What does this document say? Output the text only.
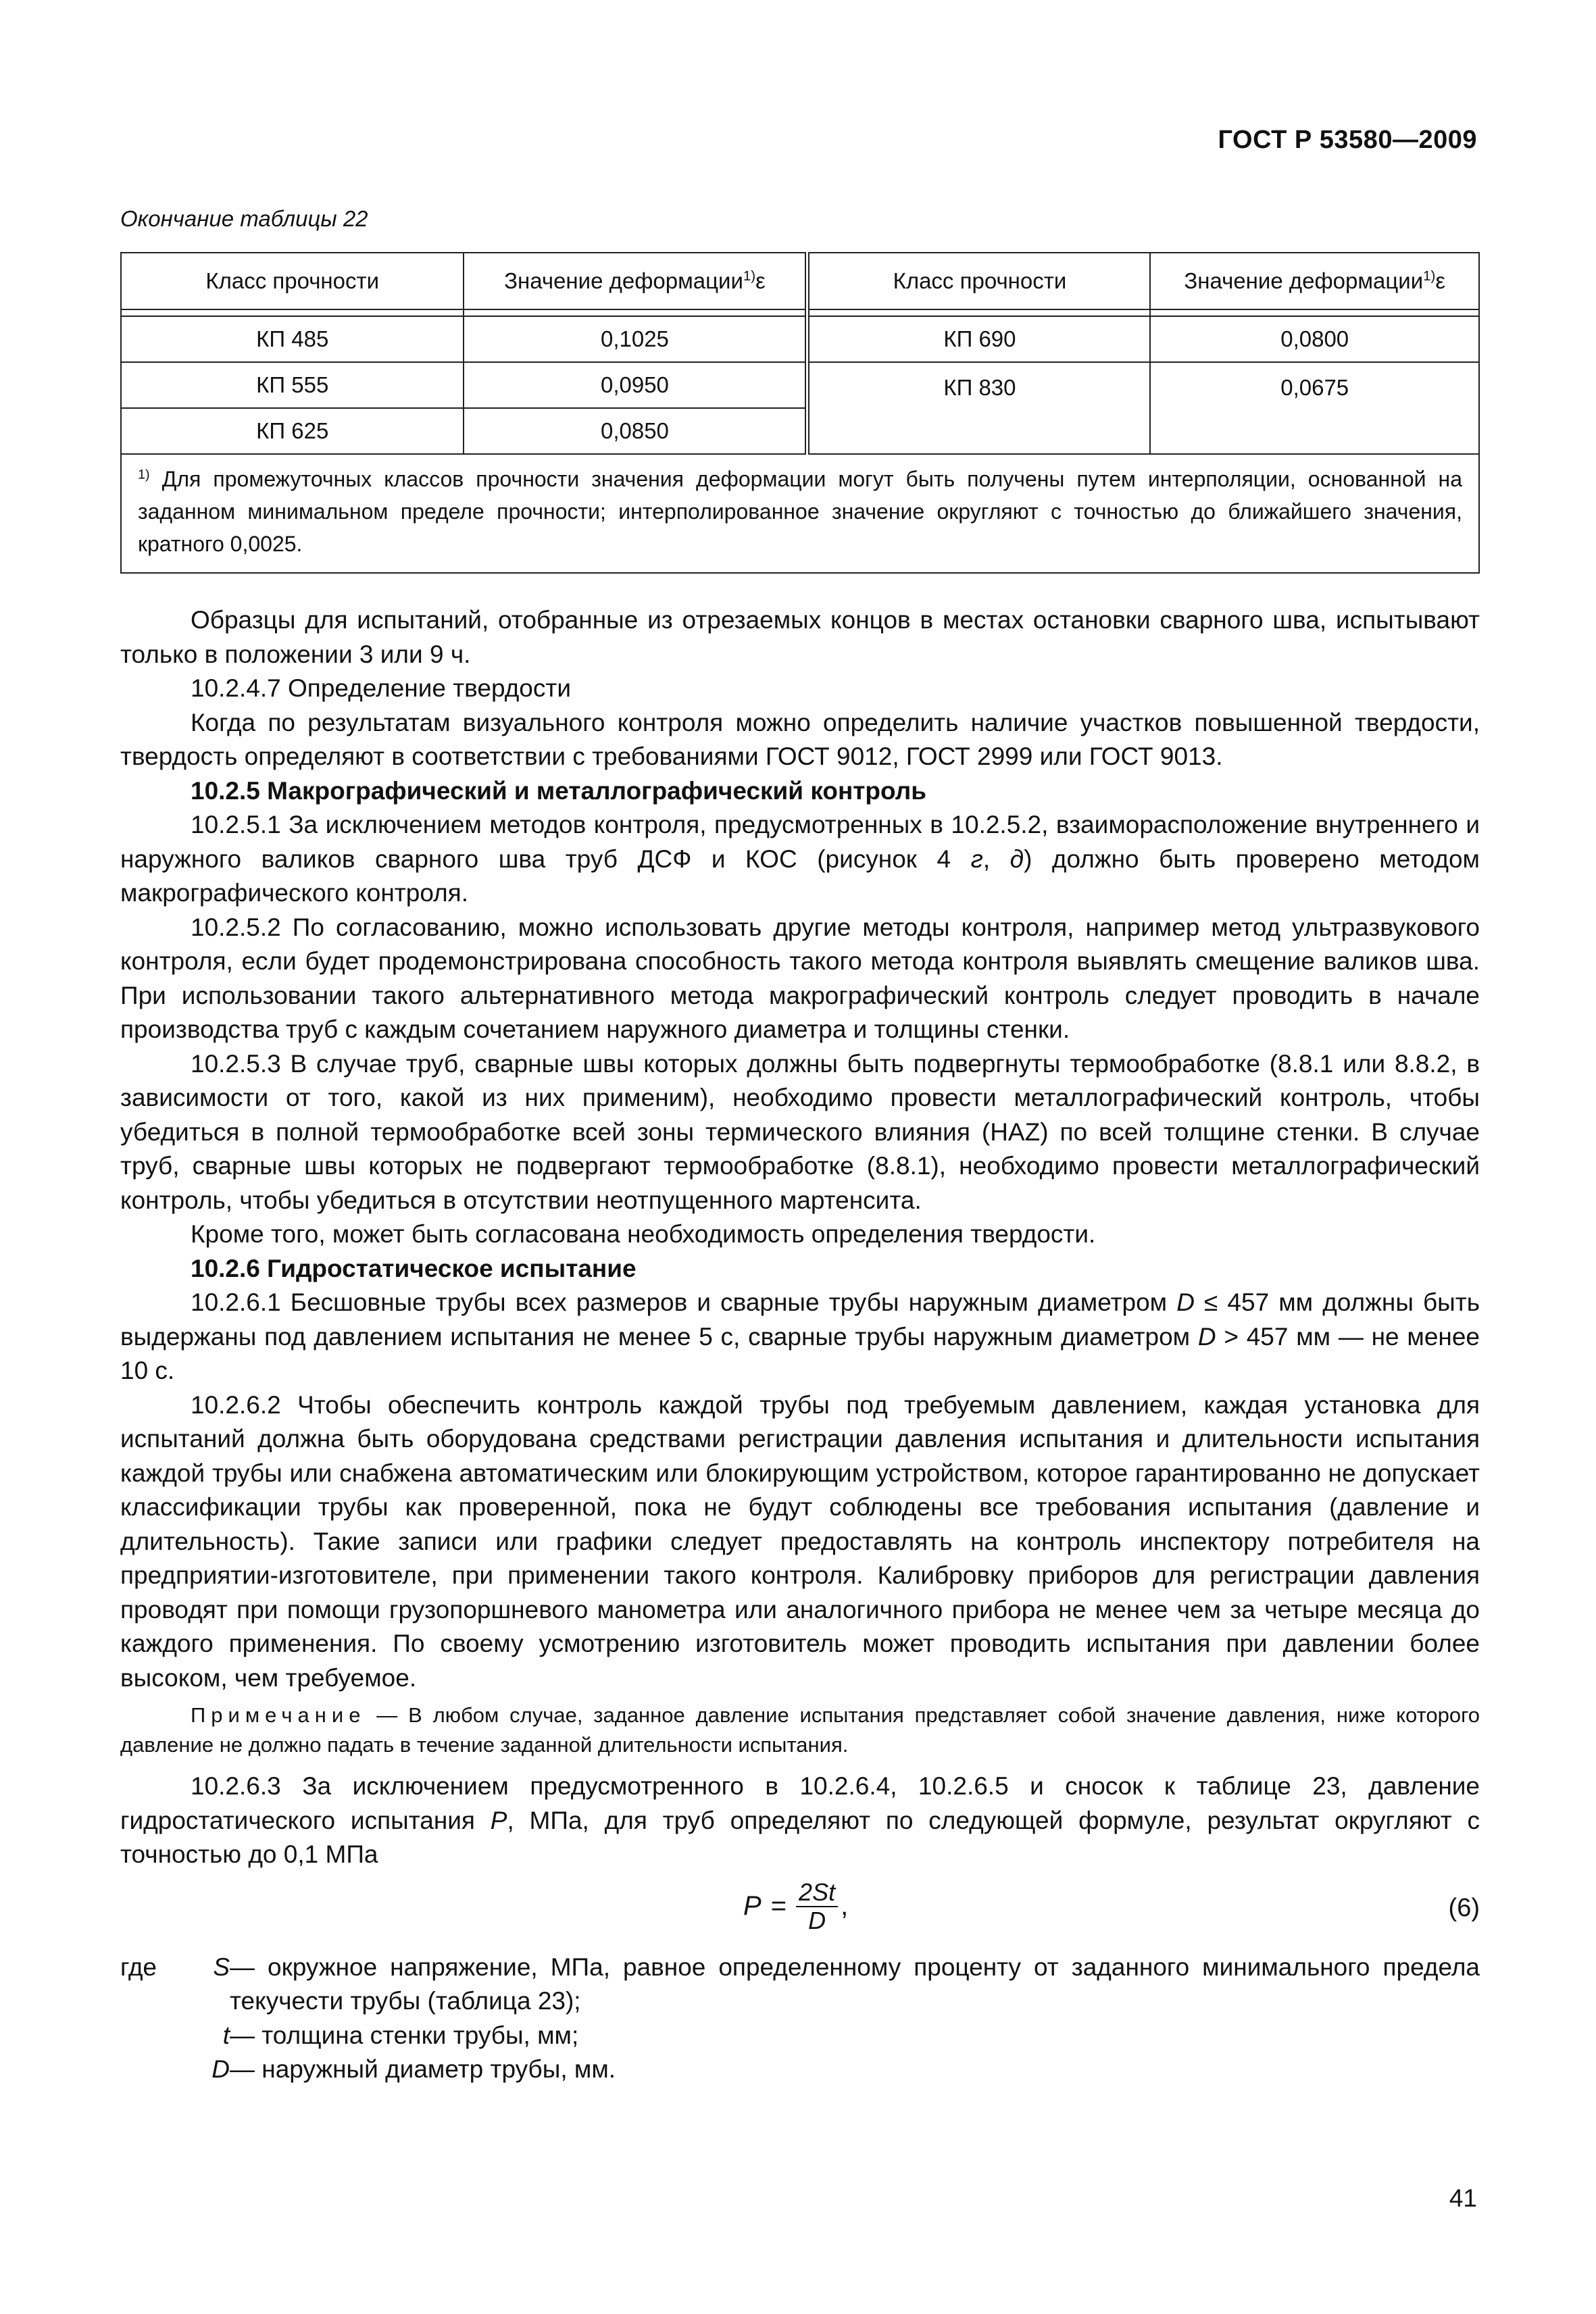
ГОСТ Р 53580—2009
Окончание таблицы 22
Класс прочности	Значение деформации$^{1)}$ε	Класс прочности	Значение деформации$^{1)}$ε

КП 485	0,1025	КП 690	0,0800
КП 555	0,0950	КП 830	0,0675
КП 625	0,0850		
$^{1)}$ Для промежуточных классов прочности значения деформации могут быть получены путем интерполяции, основанной на заданном минимальном пределе прочности; интерполированное значение округляют с точностью до ближайшего значения, кратного 0,0025.			

Образцы для испытаний, отобранные из отрезаемых концов в местах остановки сварного шва, испытывают только в положении 3 или 9 ч.

10.2.4.7 Определение твердости

Когда по результатам визуального контроля можно определить наличие участков повышенной твердости, твердость определяют в соответствии с требованиями ГОСТ 9012, ГОСТ 2999 или ГОСТ 9013.

10.2.5 Макрографический и металлографический контроль

10.2.5.1 За исключением методов контроля, предусмотренных в 10.2.5.2, взаиморасположение внутреннего и наружного валиков сварного шва труб ДСФ и КОС (рисунок 4 г, д) должно быть проверено методом макрографического контроля.

10.2.5.2 По согласованию, можно использовать другие методы контроля, например метод ультразвукового контроля, если будет продемонстрирована способность такого метода контроля выявлять смещение валиков шва. При использовании такого альтернативного метода макрографический контроль следует проводить в начале производства труб с каждым сочетанием наружного диаметра и толщины стенки.

10.2.5.3 В случае труб, сварные швы которых должны быть подвергнуты термообработке (8.8.1 или 8.8.2, в зависимости от того, какой из них применим), необходимо провести металлографический контроль, чтобы убедиться в полной термообработке всей зоны термического влияния (HAZ) по всей толщине стенки. В случае труб, сварные швы которых не подвергают термообработке (8.8.1), необходимо провести металлографический контроль, чтобы убедиться в отсутствии неотпущенного мартенсита.

Кроме того, может быть согласована необходимость определения твердости.

10.2.6 Гидростатическое испытание

10.2.6.1 Бесшовные трубы всех размеров и сварные трубы наружным диаметром D ≤ 457 мм должны быть выдержаны под давлением испытания не менее 5 с, сварные трубы наружным диаметром D > 457 мм — не менее 10 с.

10.2.6.2 Чтобы обеспечить контроль каждой трубы под требуемым давлением, каждая установка для испытаний должна быть оборудована средствами регистрации давления испытания и длительности испытания каждой трубы или снабжена автоматическим или блокирующим устройством, которое гарантированно не допускает классификации трубы как проверенной, пока не будут соблюдены все требования испытания (давление и длительность). Такие записи или графики следует предоставлять на контроль инспектору потребителя на предприятии-изготовителе, при применении такого контроля. Калибровку приборов для регистрации давления проводят при помощи грузопоршневого манометра или аналогичного прибора не менее чем за четыре месяца до каждого применения. По своему усмотрению изготовитель может проводить испытания при давлении более высоком, чем требуемое.

Примечание — В любом случае, заданное давление испытания представляет собой значение давления, ниже которого давление не должно падать в течение заданной длительности испытания.

10.2.6.3 За исключением предусмотренного в 10.2.6.4, 10.2.6.5 и сносок к таблице 23, давление гидростатического испытания P, МПа, для труб определяют по следующей формуле, результат округляют с точностью до 0,1 МПа

$P = \frac{2St}{D}$ ,	(6)
где	S — окружное напряжение, МПа, равное определенному проценту от заданного минимального предела текучести трубы (таблица 23);
t — толщина стенки трубы, мм;
D — наружный диаметр трубы, мм.
41
